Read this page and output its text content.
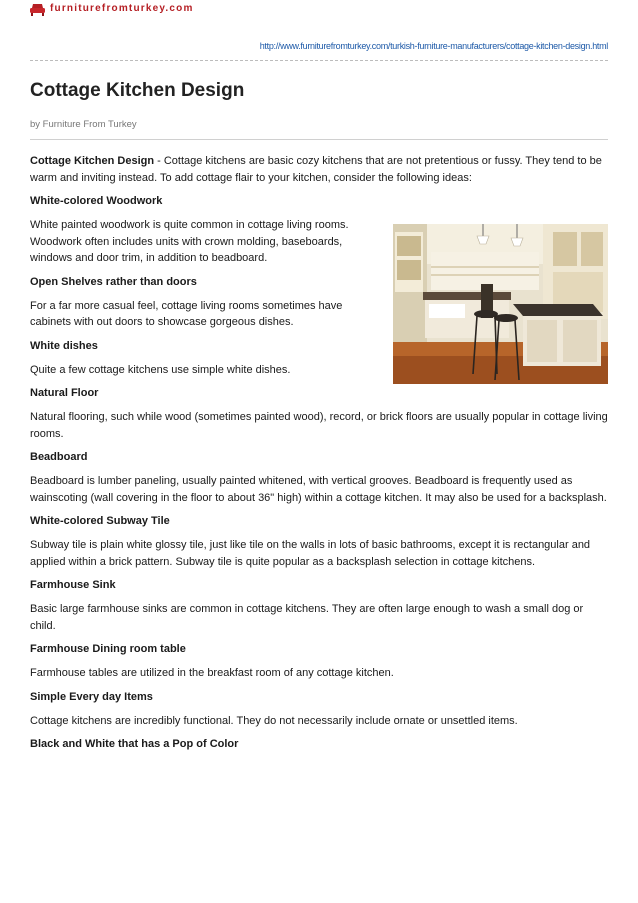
furniturefromturkey.com
http://www.furniturefromturkey.com/turkish-furniture-manufacturers/cottage-kitchen-design.html
Cottage Kitchen Design
by Furniture From Turkey

Cottage Kitchen Design - Cottage kitchens are basic cozy kitchens that are not pretentious or fussy. They tend to be warm and inviting instead. To add cottage flair to your kitchen, consider the following ideas:

White-colored Woodwork

White painted woodwork is quite common in cottage living rooms. Woodwork often includes units with crown molding, baseboards, windows and door trim, in addition to beadboard.

Open Shelves rather than doors

For a far more casual feel, cottage living rooms sometimes have cabinets with out doors to showcase gorgeous dishes.

White dishes

Quite a few cottage kitchens use simple white dishes.

Natural Floor

Natural flooring, such while wood (sometimes painted wood), record, or brick floors are usually popular in cottage living rooms.

Beadboard

Beadboard is lumber paneling, usually painted whitened, with vertical grooves. Beadboard is frequently used as wainscoting (wall covering in the floor to about 36" high) within a cottage kitchen. It may also be used for a backsplash.

White-colored Subway Tile

Subway tile is plain white glossy tile, just like tile on the walls in lots of basic bathrooms, except it is rectangular and applied within a brick pattern. Subway tile is quite popular as a backsplash selection in cottage kitchens.

Farmhouse Sink

Basic large farmhouse sinks are common in cottage kitchens. They are often large enough to wash a small dog or child.

Farmhouse Dining room table

Farmhouse tables are utilized in the breakfast room of any cottage kitchen.

Simple Every day Items

Cottage kitchens are incredibly functional. They do not necessarily include ornate or unsettled items.

Black and White that has a Pop of Color
